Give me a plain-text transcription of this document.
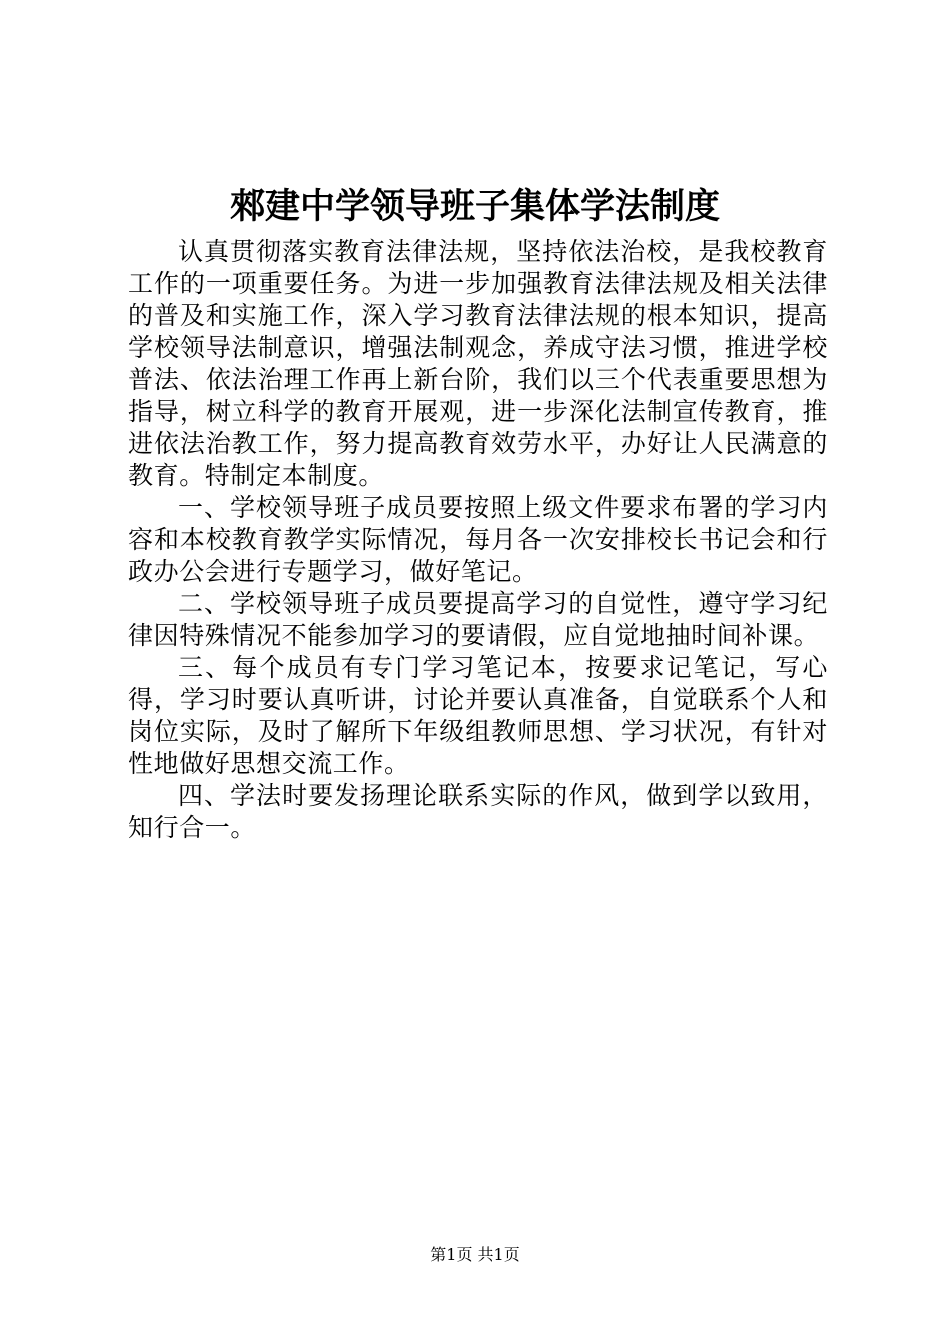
郲建中学领导班子集体学法制度

认真贯彻落实教育法律法规，坚持依法治校，是我校教育工作的一项重要任务。为进一步加强教育法律法规及相关法律的普及和实施工作，深入学习教育法律法规的根本知识，提高学校领导法制意识，增强法制观念，养成守法习惯，推进学校普法、依法治理工作再上新台阶，我们以三个代表重要思想为指导，树立科学的教育开展观，进一步深化法制宣传教育，推进依法治教工作，努力提高教育效劳水平，办好让人民满意的教育。特制定本制度。

一、学校领导班子成员要按照上级文件要求布署的学习内容和本校教育教学实际情况，每月各一次安排校长书记会和行政办公会进行专题学习，做好笔记。

二、学校领导班子成员要提高学习的自觉性，遵守学习纪律因特殊情况不能参加学习的要请假，应自觉地抽时间补课。

三、每个成员有专门学习笔记本，按要求记笔记，写心得，学习时要认真听讲，讨论并要认真准备，自觉联系个人和岗位实际，及时了解所下年级组教师思想、学习状况，有针对性地做好思想交流工作。

四、学法时要发扬理论联系实际的作风，做到学以致用，知行合一。

第1页 共1页
